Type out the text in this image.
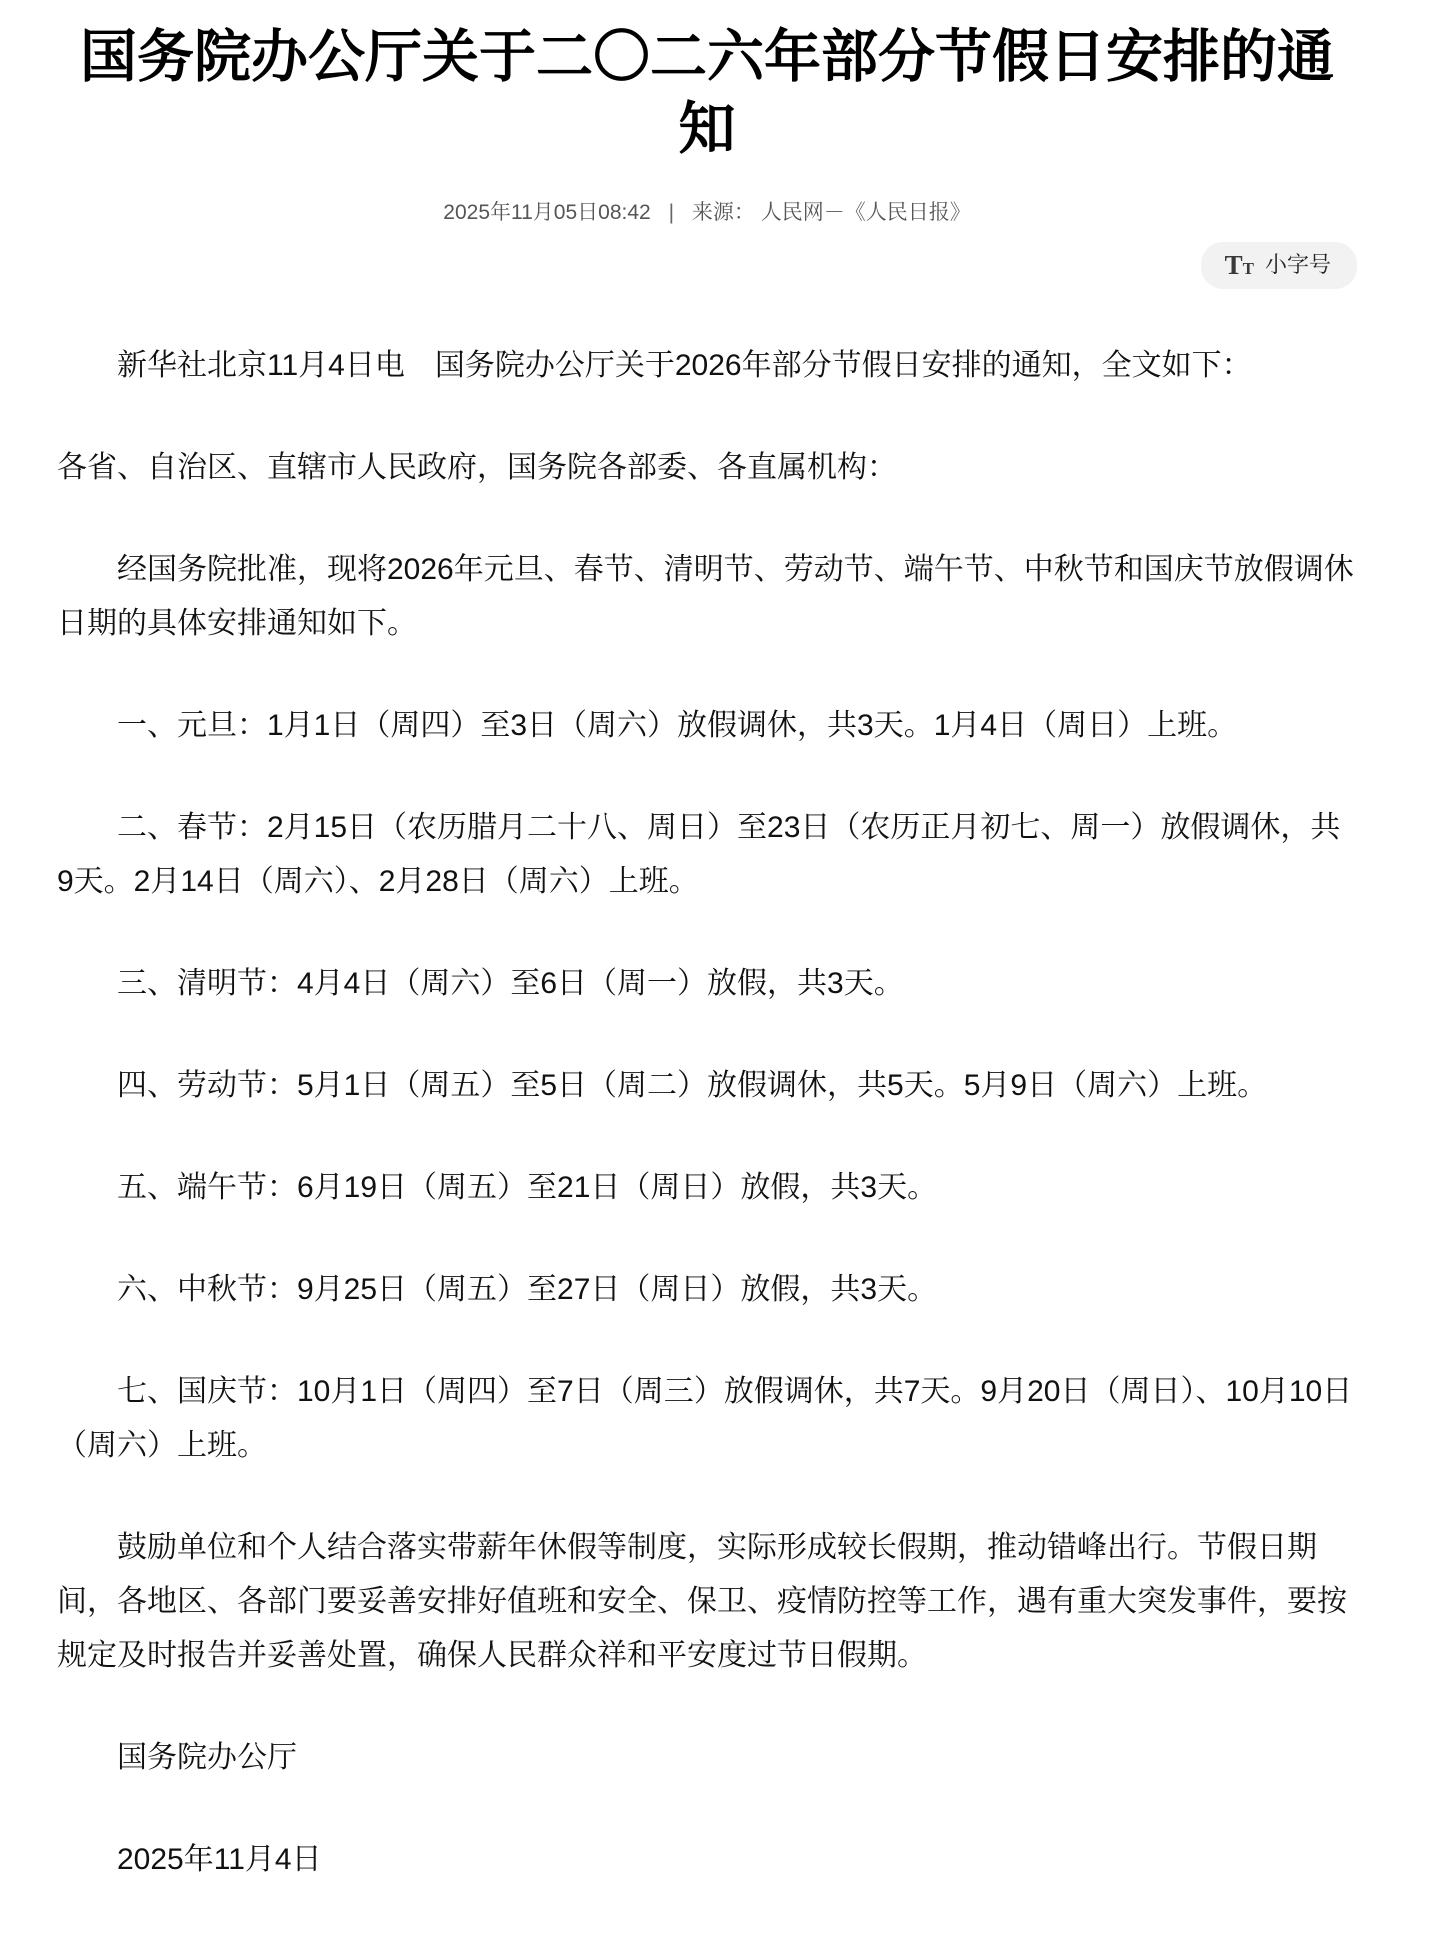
国务院办公厅关于二〇二六年部分节假日安排的通知
2025年11月05日08:42 | 来源： 人民网－《人民日报》
T T 小字号

新华社北京11月4日电　国务院办公厅关于2026年部分节假日安排的通知，全文如下：

各省、自治区、直辖市人民政府，国务院各部委、各直属机构：

经国务院批准，现将2026年元旦、春节、清明节、劳动节、端午节、中秋节和国庆节放假调休日期的具体安排通知如下。

一、元旦：1月1日（周四）至3日（周六）放假调休，共3天。1月4日（周日）上班。

二、春节：2月15日（农历腊月二十八、周日）至23日（农历正月初七、周一）放假调休，共9天。2月14日（周六）、2月28日（周六）上班。

三、清明节：4月4日（周六）至6日（周一）放假，共3天。

四、劳动节：5月1日（周五）至5日（周二）放假调休，共5天。5月9日（周六）上班。

五、端午节：6月19日（周五）至21日（周日）放假，共3天。

六、中秋节：9月25日（周五）至27日（周日）放假，共3天。

七、国庆节：10月1日（周四）至7日（周三）放假调休，共7天。9月20日（周日）、10月10日（周六）上班。

鼓励单位和个人结合落实带薪年休假等制度，实际形成较长假期，推动错峰出行。节假日期间，各地区、各部门要妥善安排好值班和安全、保卫、疫情防控等工作，遇有重大突发事件，要按规定及时报告并妥善处置，确保人民群众祥和平安度过节日假期。

国务院办公厅

2025年11月4日
